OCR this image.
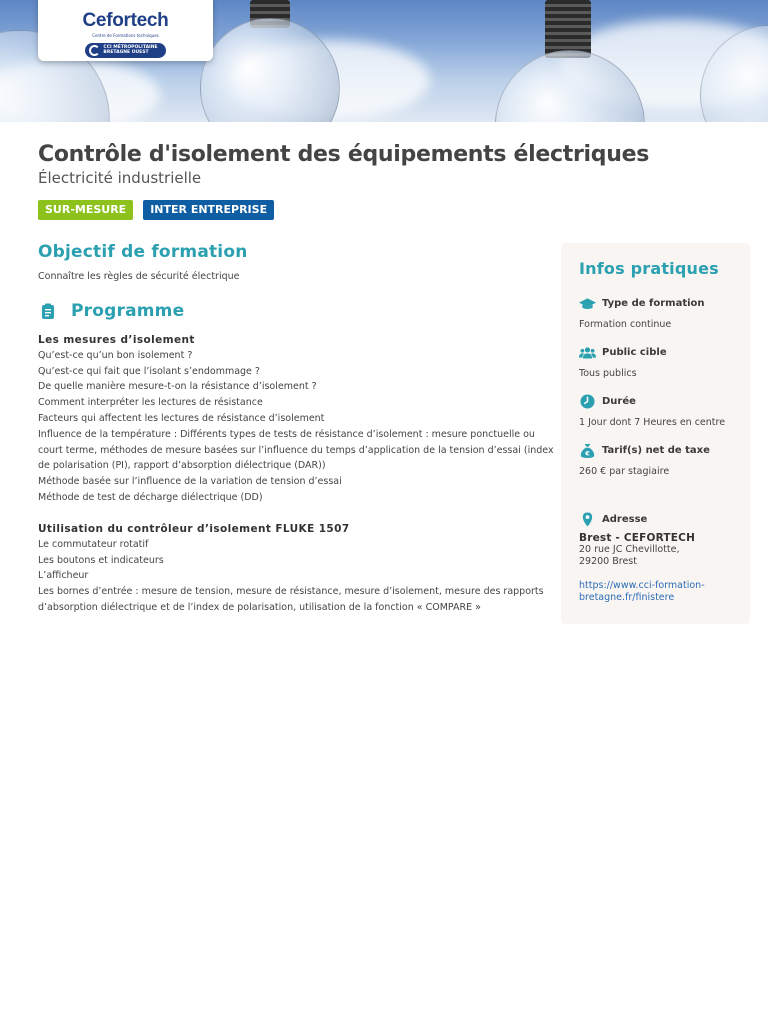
Cefortech
Centre de Formations techniques
CCI MÉTROPOLITAINE
BRETAGNE OUEST
Contrôle d'isolement des équipements électriques
Électricité industrielle
SUR-MESURE	INTER ENTREPRISE
Objectif de formation

Connaître les règles de sécurité électrique

Programme
Les mesures d’isolement
Qu’est-ce qu’un bon isolement ?
Qu’est-ce qui fait que l’isolant s’endommage ?
De quelle manière mesure-t-on la résistance d’isolement ?
Comment interpréter les lectures de résistance
Facteurs qui affectent les lectures de résistance d’isolement
Influence de la température : Différents types de tests de résistance d’isolement : mesure ponctuelle ou
court terme, méthodes de mesure basées sur l’influence du temps d’application de la tension d’essai (index
de polarisation (PI), rapport d’absorption diélectrique (DAR))
Méthode basée sur l’influence de la variation de tension d’essai
Méthode de test de décharge diélectrique (DD)
Utilisation du contrôleur d’isolement FLUKE 1507
Le commutateur rotatif
Les boutons et indicateurs
L’afficheur
Les bornes d’entrée : mesure de tension, mesure de résistance, mesure d’isolement, mesure des rapports
d’absorption diélectrique et de l’index de polarisation, utilisation de la fonction « COMPARE »
Infos pratiques
Type de formation
Formation continue
Public cible
Tous publics
Durée
1 Jour dont 7 Heures en centre
€ Tarif(s) net de taxe
260 € par stagiaire
Adresse
Brest - CEFORTECH
20 rue JC Chevillotte,
29200 Brest
https://www.cci-formation-
bretagne.fr/finistere
